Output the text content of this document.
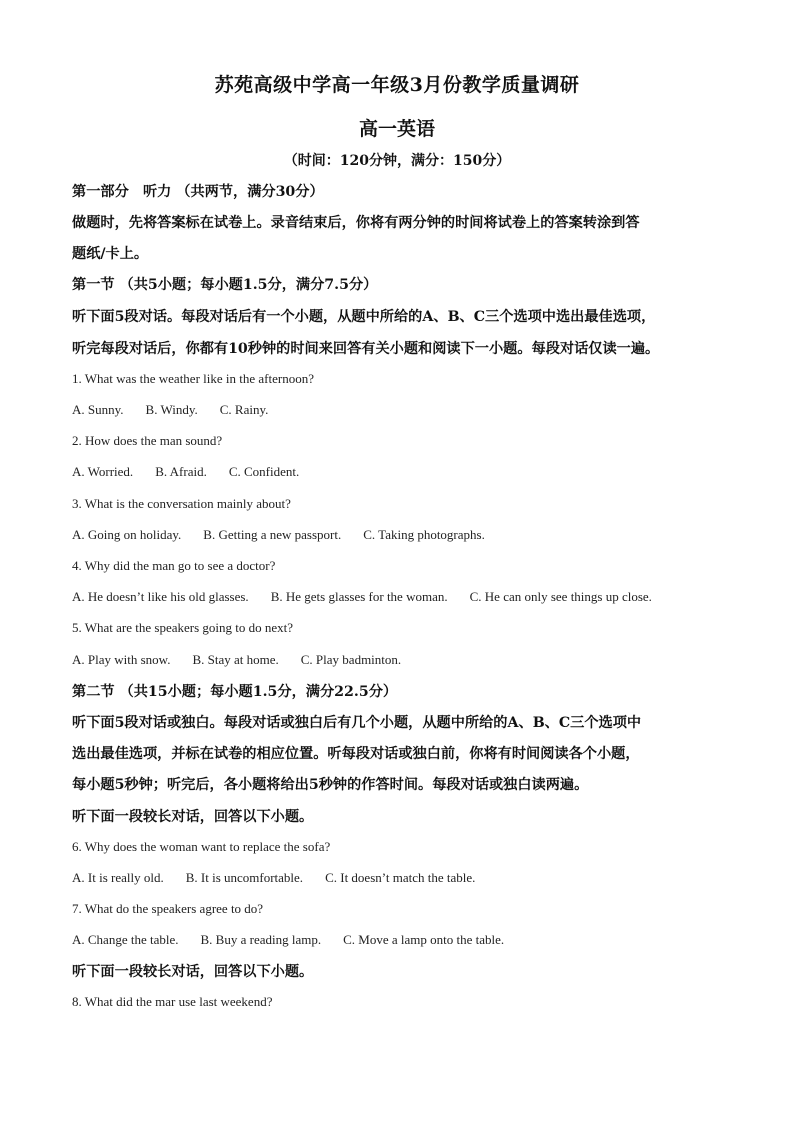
苏苑高级中学高一年级3月份教学质量调研
高一英语
（时间：120分钟，满分：150分）
第一部分　听力 （共两节，满分30分）
做题时，先将答案标在试卷上。录音结束后，你将有两分钟的时间将试卷上的答案转涂到答
题纸/卡上。
第一节 （共5小题；每小题1.5分，满分7.5分）
听下面5段对话。每段对话后有一个小题，从题中所给的A、B、C三个选项中选出最佳选项，
听完每段对话后，你都有10秒钟的时间来回答有关小题和阅读下一小题。每段对话仅读一遍。
1. What was the weather like in the afternoon?
A. Sunny. B. Windy. C. Rainy.
2. How does the man sound?
A. Worried. B. Afraid. C. Confident.
3. What is the conversation mainly about?
A. Going on holiday. B. Getting a new passport. C. Taking photographs.
4. Why did the man go to see a doctor?
A. He doesn’t like his old glasses. B. He gets glasses for the woman. C. He can only see things up close.
5. What are the speakers going to do next?
A. Play with snow. B. Stay at home. C. Play badminton.
第二节 （共15小题；每小题1.5分，满分22.5分）
听下面5段对话或独白。每段对话或独白后有几个小题，从题中所给的A、B、C三个选项中
选出最佳选项，并标在试卷的相应位置。听每段对话或独白前，你将有时间阅读各个小题，
每小题5秒钟；听完后，各小题将给出5秒钟的作答时间。每段对话或独白读两遍。
听下面一段较长对话，回答以下小题。
6. Why does the woman want to replace the sofa?
A. It is really old. B. It is uncomfortable. C. It doesn’t match the table.
7. What do the speakers agree to do?
A. Change the table. B. Buy a reading lamp. C. Move a lamp onto the table.
听下面一段较长对话，回答以下小题。
8. What did the mar use last weekend?
